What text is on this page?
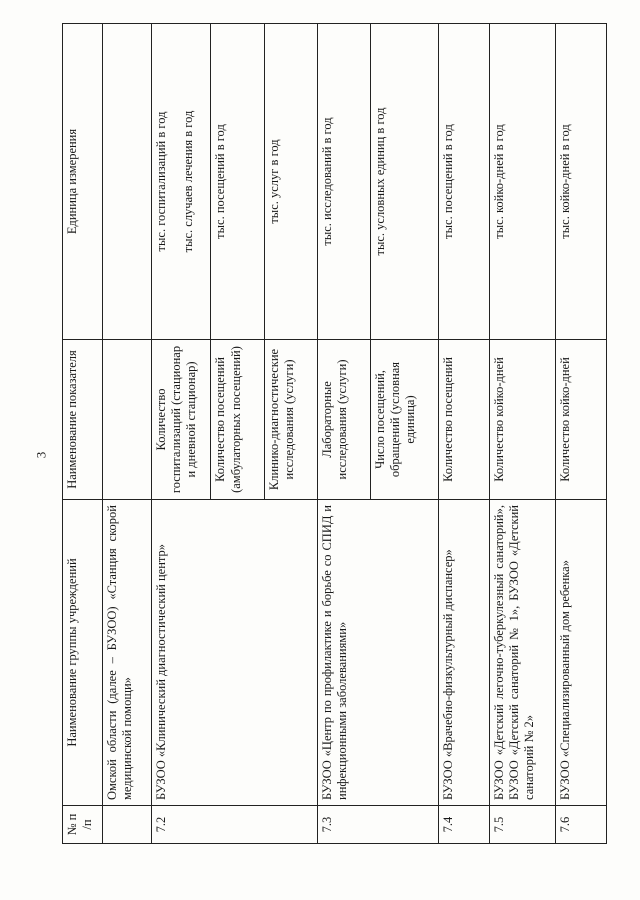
3
№ п /п	Наименование группы учреждений	Наименование показателя	Единица измерения
	Омской области (далее – БУЗОО) «Станция скорой медицинской помощи»		
7.2	БУЗОО «Клинический диагностический центр»	Количество госпитализаций (стационар и дневной стационар)	тыс. госпитализаций в год тыс. случаев лечения в год

		Количество посещений (амбулаторных посещений)	тыс. посещений в год
		Клинико-диагностические исследования (услуги)	тыс. услуг в год
7.3	БУЗОО «Центр по профилактике и борьбе со СПИД и инфекционными заболеваниями»	Лабораторные исследования (услуги)	тыс. исследований в год
		Число посещений, обращений (условная единица)	тыс. условных единиц в год
7.4	БУЗОО «Врачебно-физкультурный диспансер»	Количество посещений	тыс. посещений в год
7.5	БУЗОО «Детский легочно-туберкулезный санаторий», БУЗОО «Детский санаторий № 1», БУЗОО «Детский санаторий № 2»	Количество койко-дней	тыс. койко-дней в год
7.6	БУЗОО «Специализированный дом ребенка»	Количество койко-дней	тыс. койко-дней в год
